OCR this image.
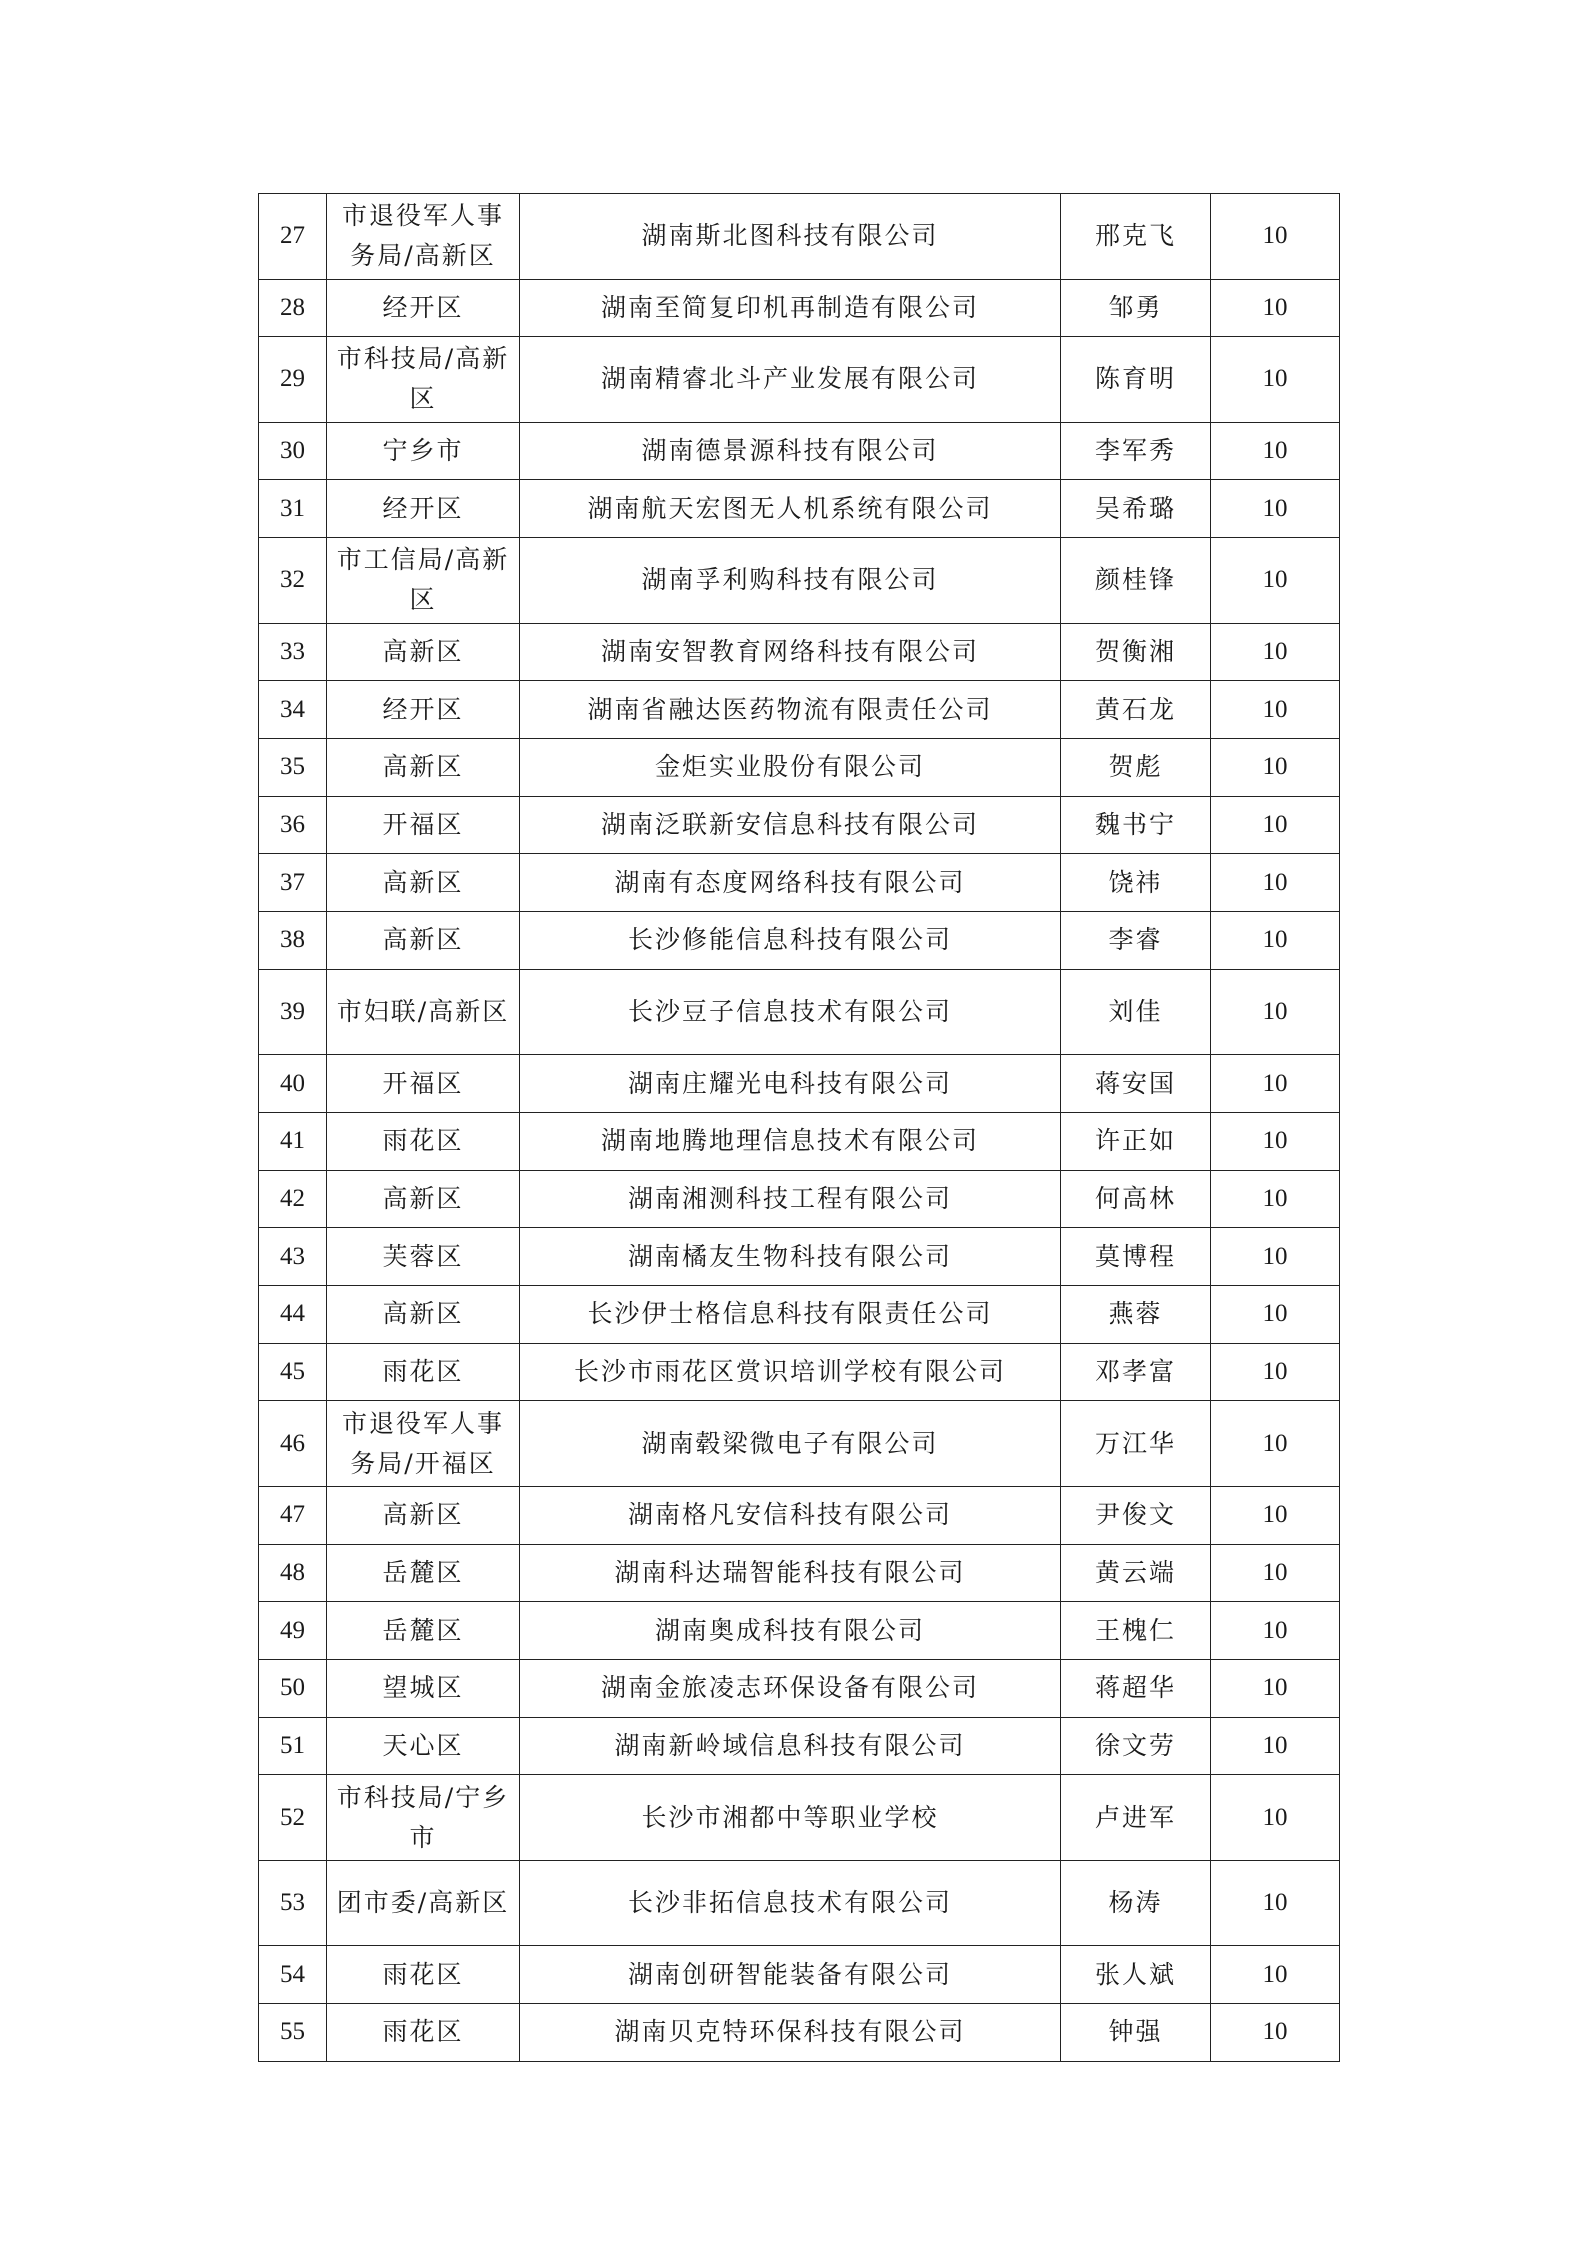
27	市退役军人事务局/高新区	湖南斯北图科技有限公司	邢克飞	10
28	经开区	湖南至简复印机再制造有限公司	邹勇	10
29	市科技局/高新区	湖南精睿北斗产业发展有限公司	陈育明	10
30	宁乡市	湖南德景源科技有限公司	李军秀	10
31	经开区	湖南航天宏图无人机系统有限公司	吴希璐	10
32	市工信局/高新区	湖南孚利购科技有限公司	颜桂锋	10
33	高新区	湖南安智教育网络科技有限公司	贺衡湘	10
34	经开区	湖南省融达医药物流有限责任公司	黄石龙	10
35	高新区	金炬实业股份有限公司	贺彪	10
36	开福区	湖南泛联新安信息科技有限公司	魏书宁	10
37	高新区	湖南有态度网络科技有限公司	饶祎	10
38	高新区	长沙修能信息科技有限公司	李睿	10
39	市妇联/高新区	长沙豆子信息技术有限公司	刘佳	10
40	开福区	湖南庄耀光电科技有限公司	蒋安国	10
41	雨花区	湖南地腾地理信息技术有限公司	许正如	10
42	高新区	湖南湘测科技工程有限公司	何高林	10
43	芙蓉区	湖南橘友生物科技有限公司	莫博程	10
44	高新区	长沙伊士格信息科技有限责任公司	燕蓉	10
45	雨花区	长沙市雨花区赏识培训学校有限公司	邓孝富	10
46	市退役军人事务局/开福区	湖南毂梁微电子有限公司	万江华	10
47	高新区	湖南格凡安信科技有限公司	尹俊文	10
48	岳麓区	湖南科达瑞智能科技有限公司	黄云端	10
49	岳麓区	湖南奥成科技有限公司	王槐仁	10
50	望城区	湖南金旅凌志环保设备有限公司	蒋超华	10
51	天心区	湖南新岭域信息科技有限公司	徐文劳	10
52	市科技局/宁乡市	长沙市湘都中等职业学校	卢进军	10
53	团市委/高新区	长沙非拓信息技术有限公司	杨涛	10
54	雨花区	湖南创研智能装备有限公司	张人斌	10
55	雨花区	湖南贝克特环保科技有限公司	钟强	10
